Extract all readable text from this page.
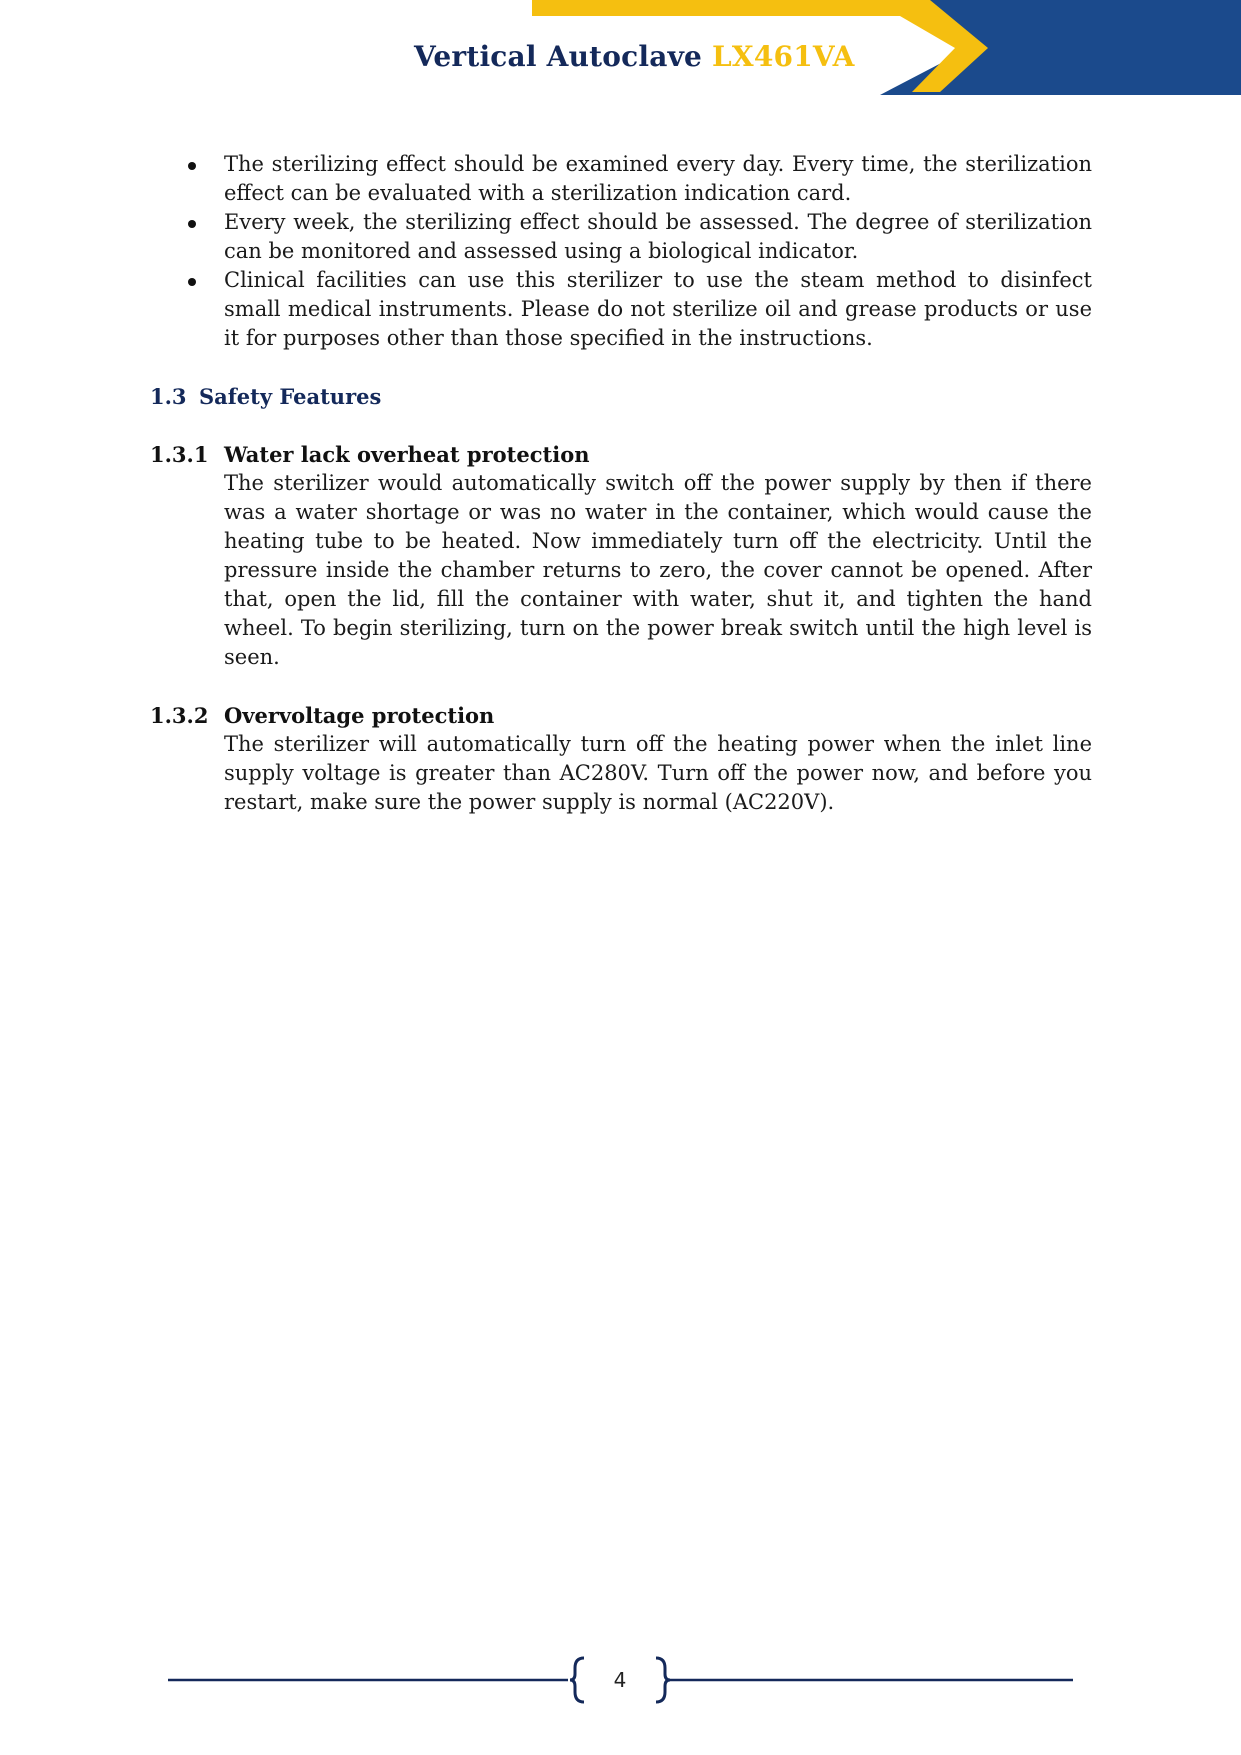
Vertical Autoclave LX461VA
The sterilizing effect should be examined every day. Every time, the sterilization effect can be evaluated with a sterilization indication card.
Every week, the sterilizing effect should be assessed. The degree of sterilization can be monitored and assessed using a biological indicator.
Clinical facilities can use this sterilizer to use the steam method to disinfect small medical instruments. Please do not sterilize oil and grease products or use it for purposes other than those specified in the instructions.
1.3 Safety Features
1.3.1 Water lack overheat protection
The sterilizer would automatically switch off the power supply by then if there was a water shortage or was no water in the container, which would cause the heating tube to be heated. Now immediately turn off the electricity. Until the pressure inside the chamber returns to zero, the cover cannot be opened. After that, open the lid, fill the container with water, shut it, and tighten the hand wheel. To begin sterilizing, turn on the power break switch until the high level is seen.
1.3.2 Overvoltage protection
The sterilizer will automatically turn off the heating power when the inlet line supply voltage is greater than AC280V. Turn off the power now, and before you restart, make sure the power supply is normal (AC220V).
4
